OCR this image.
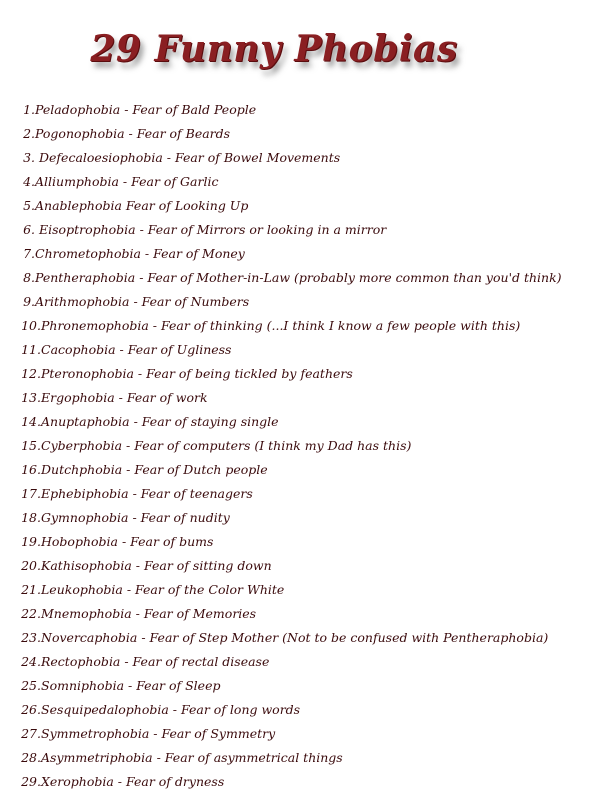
29 Funny Phobias
1.Peladophobia - Fear of Bald People
2.Pogonophobia - Fear of Beards
3. Defecaloesiophobia - Fear of Bowel Movements
4.Alliumphobia - Fear of Garlic
5.Anablephobia Fear of Looking Up
6. Eisoptrophobia - Fear of Mirrors or looking in a mirror
7.Chrometophobia - Fear of Money
8.Pentheraphobia - Fear of Mother-in-Law (probably more common than you'd think)
9.Arithmophobia - Fear of Numbers
10.Phronemophobia - Fear of thinking (...I think I know a few people with this)
11.Cacophobia - Fear of Ugliness
12.Pteronophobia - Fear of being tickled by feathers
13.Ergophobia - Fear of work
14.Anuptaphobia - Fear of staying single
15.Cyberphobia - Fear of computers (I think my Dad has this)
16.Dutchphobia - Fear of Dutch people
17.Ephebiphobia - Fear of teenagers
18.Gymnophobia - Fear of nudity
19.Hobophobia - Fear of bums
20.Kathisophobia - Fear of sitting down
21.Leukophobia - Fear of the Color White
22.Mnemophobia - Fear of Memories
23.Novercaphobia - Fear of Step Mother (Not to be confused with Pentheraphobia)
24.Rectophobia - Fear of rectal disease
25.Somniphobia - Fear of Sleep
26.Sesquipedalophobia - Fear of long words
27.Symmetrophobia - Fear of Symmetry
28.Asymmetriphobia - Fear of asymmetrical things
29.Xerophobia - Fear of dryness
